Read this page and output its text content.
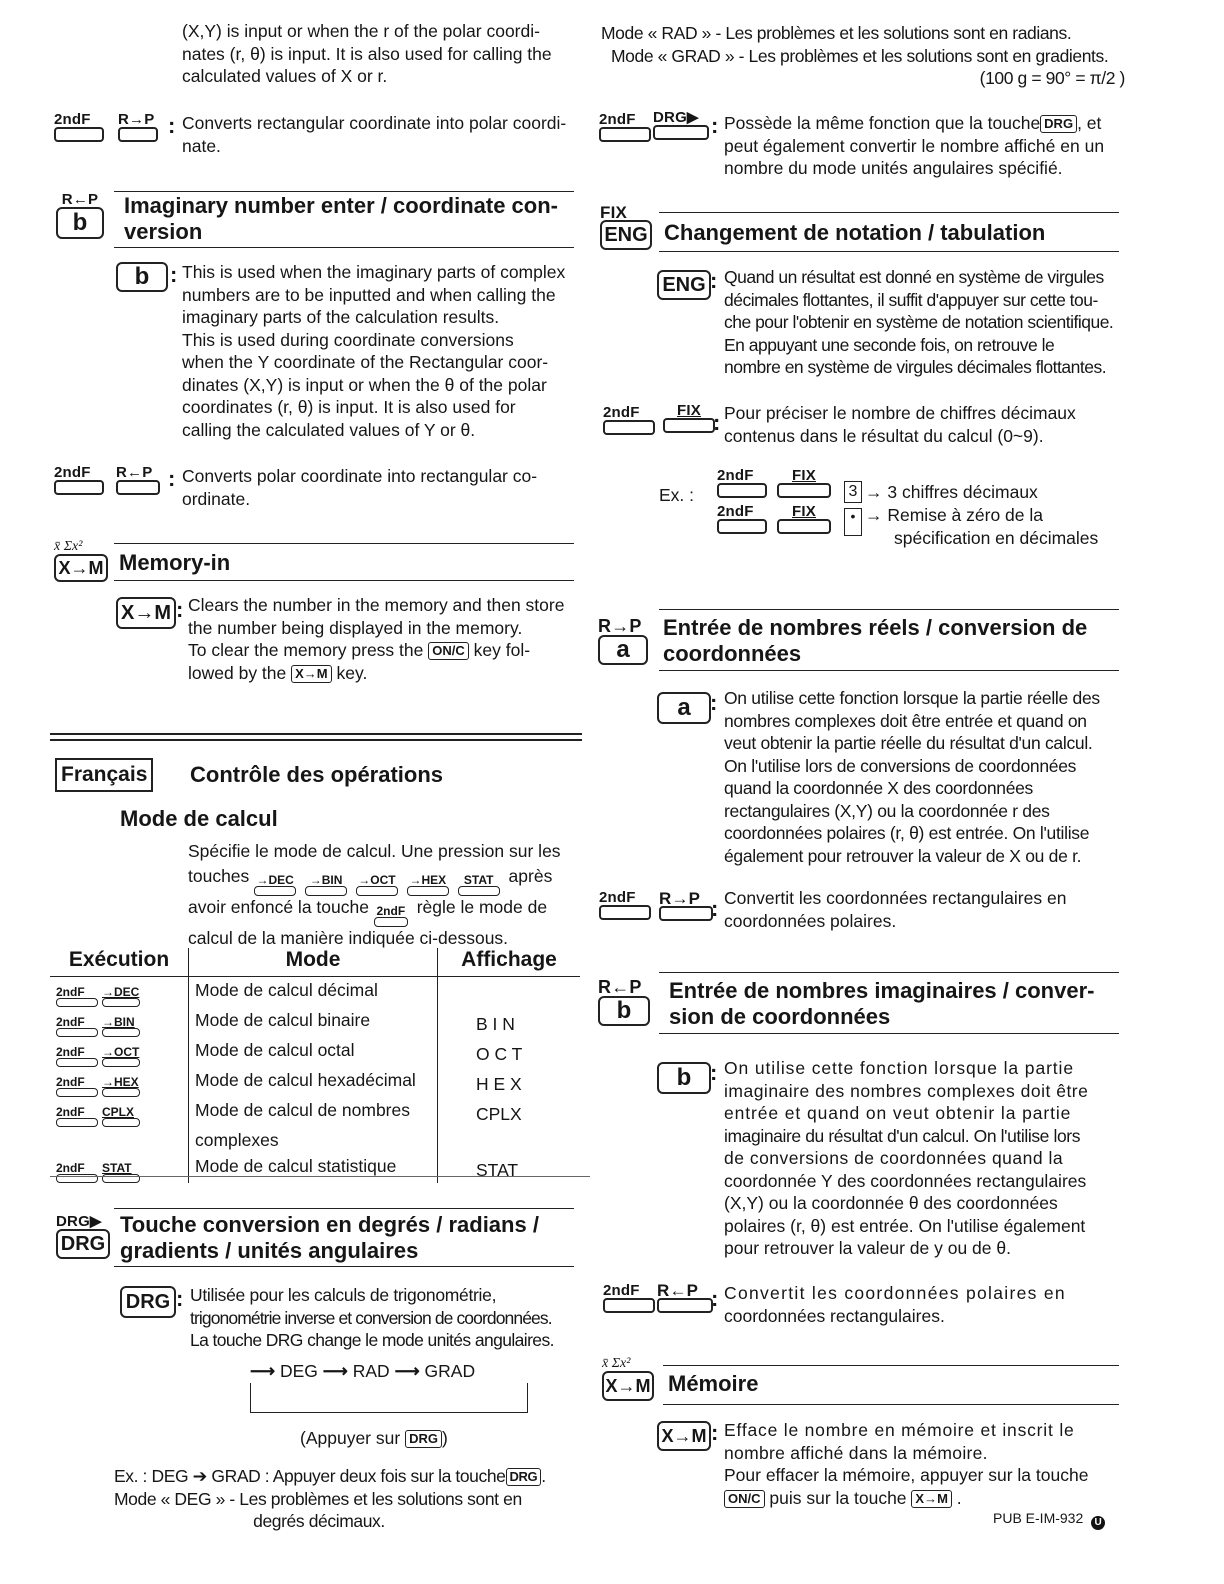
(X,Y) is input or when the r of the polar coordi-
nates (r, θ) is input. It is also used for calling the
calculated values of X or r.
2ndF	R→P : Converts rectangular coordinate into polar coordi-
nate.
R←P
b
Imaginary number enter / coordinate con-
version
b : This is used when the imaginary parts of complex
numbers are to be inputted and when calling the
imaginary parts of the calculation results.
This is used during coordinate conversions
when the Y coordinate of the Rectangular coor-
dinates (X,Y) is input or when the θ of the polar
coordinates (r, θ) is input. It is also used for
calling the calculated values of Y or θ.
2ndF	R←P : Converts polar coordinate into rectangular co-
ordinate.
x̄ Σx²
X→M Memory-in
X→M : Clears the number in the memory and then store
the number being displayed in the memory.
To clear the memory press the ON/C key fol-
lowed by the X→M key.
Français Contrôle des opérations
Mode de calcul
Spécifie le mode de calcul. Une pression sur les
touches →DEC
	→BIN
	→OCT
→HEX
	STAT après
avoir enfoncé la touche 2ndF règle le mode de
calcul de la manière indiquée ci-dessous.
Exécution	Mode	Affichage

2ndF →DEC	Mode de calcul décimal	

2ndF →BIN	Mode de calcul binaire	B I N

2ndF →OCT	Mode de calcul octal	O C T

2ndF →HEX	Mode de calcul hexadécimal	H E X

2ndF CPLX	Mode de calcul de nombres	CPLX
	complexes	

2ndF STAT	Mode de calcul statistique	STAT
DRG▶
DRG
Touche conversion en degrés / radians /
gradients / unités angulaires
DRG : Utilisée pour les calculs de trigonométrie,
trigonométrie inverse et conversion de coordonnées.
La touche DRG change le mode unités angulaires.
⟶ DEG ⟶ RAD ⟶ GRAD
(Appuyer sur DRG )
Ex. : DEG ➔ GRAD : Appuyer deux fois sur la touche DRG .
Mode « DEG » - Les problèmes et les solutions sont en
degrés décimaux.
Mode « RAD » - Les problèmes et les solutions sont en radians.
Mode « GRAD » - Les problèmes et les solutions sont en gradients.
(100 g = 90° = π/2 )
2ndF	DRG▶ : Possède la même fonction que la touche DRG , et
peut également convertir le nombre affiché en un
nombre du mode unités angulaires spécifié.
FIX
ENG Changement de notation / tabulation
ENG : Quand un résultat est donné en système de virgules
décimales flottantes, il suffit d'appuyer sur cette tou-
che pour l'obtenir en système de notation scientifique.
En appuyant une seconde fois, on retrouve le
nombre en système de virgules décimales flottantes.
2ndF	FIX : Pour préciser le nombre de chiffres décimaux
contenus dans le résultat du calcul (0~9).
Ex. :
2ndF	FIX
3 → 3 chiffres décimaux
2ndF	FIX	• → Remise à zéro de la
spécification en décimales
R→P
a
Entrée de nombres réels / conversion de
coordonnées
a : On utilise cette fonction lorsque la partie réelle des
nombres complexes doit être entrée et quand on
veut obtenir la partie réelle du résultat d'un calcul.
On l'utilise lors de conversions de coordonnées
quand la coordonnée X des coordonnées
rectangulaires (X,Y) ou la coordonnée r des
coordonnées polaires (r, θ) est entrée. On l'utilise
également pour retrouver la valeur de X ou de r.
2ndF	R→P : Convertit les coordonnées rectangulaires en
coordonnées polaires.
R←P
b
Entrée de nombres imaginaires / conver-
sion de coordonnées
b : On utilise cette fonction lorsque la partie
imaginaire des nombres complexes doit être
entrée et quand on veut obtenir la partie
imaginaire du résultat d'un calcul. On l'utilise lors
de conversions de coordonnées quand la
coordonnée Y des coordonnées rectangulaires
(X,Y) ou la coordonnée θ des coordonnées
polaires (r, θ) est entrée. On l'utilise également
pour retrouver la valeur de y ou de θ.
2ndF	R←P : Convertit les coordonnées polaires en
coordonnées rectangulaires.
x̄ Σx²
X→M Mémoire
X→M : Efface le nombre en mémoire et inscrit le
nombre affiché dans la mémoire.
Pour effacer la mémoire, appuyer sur la touche
ON/C puis sur la touche X→M .
PUB E-IM-932 U
